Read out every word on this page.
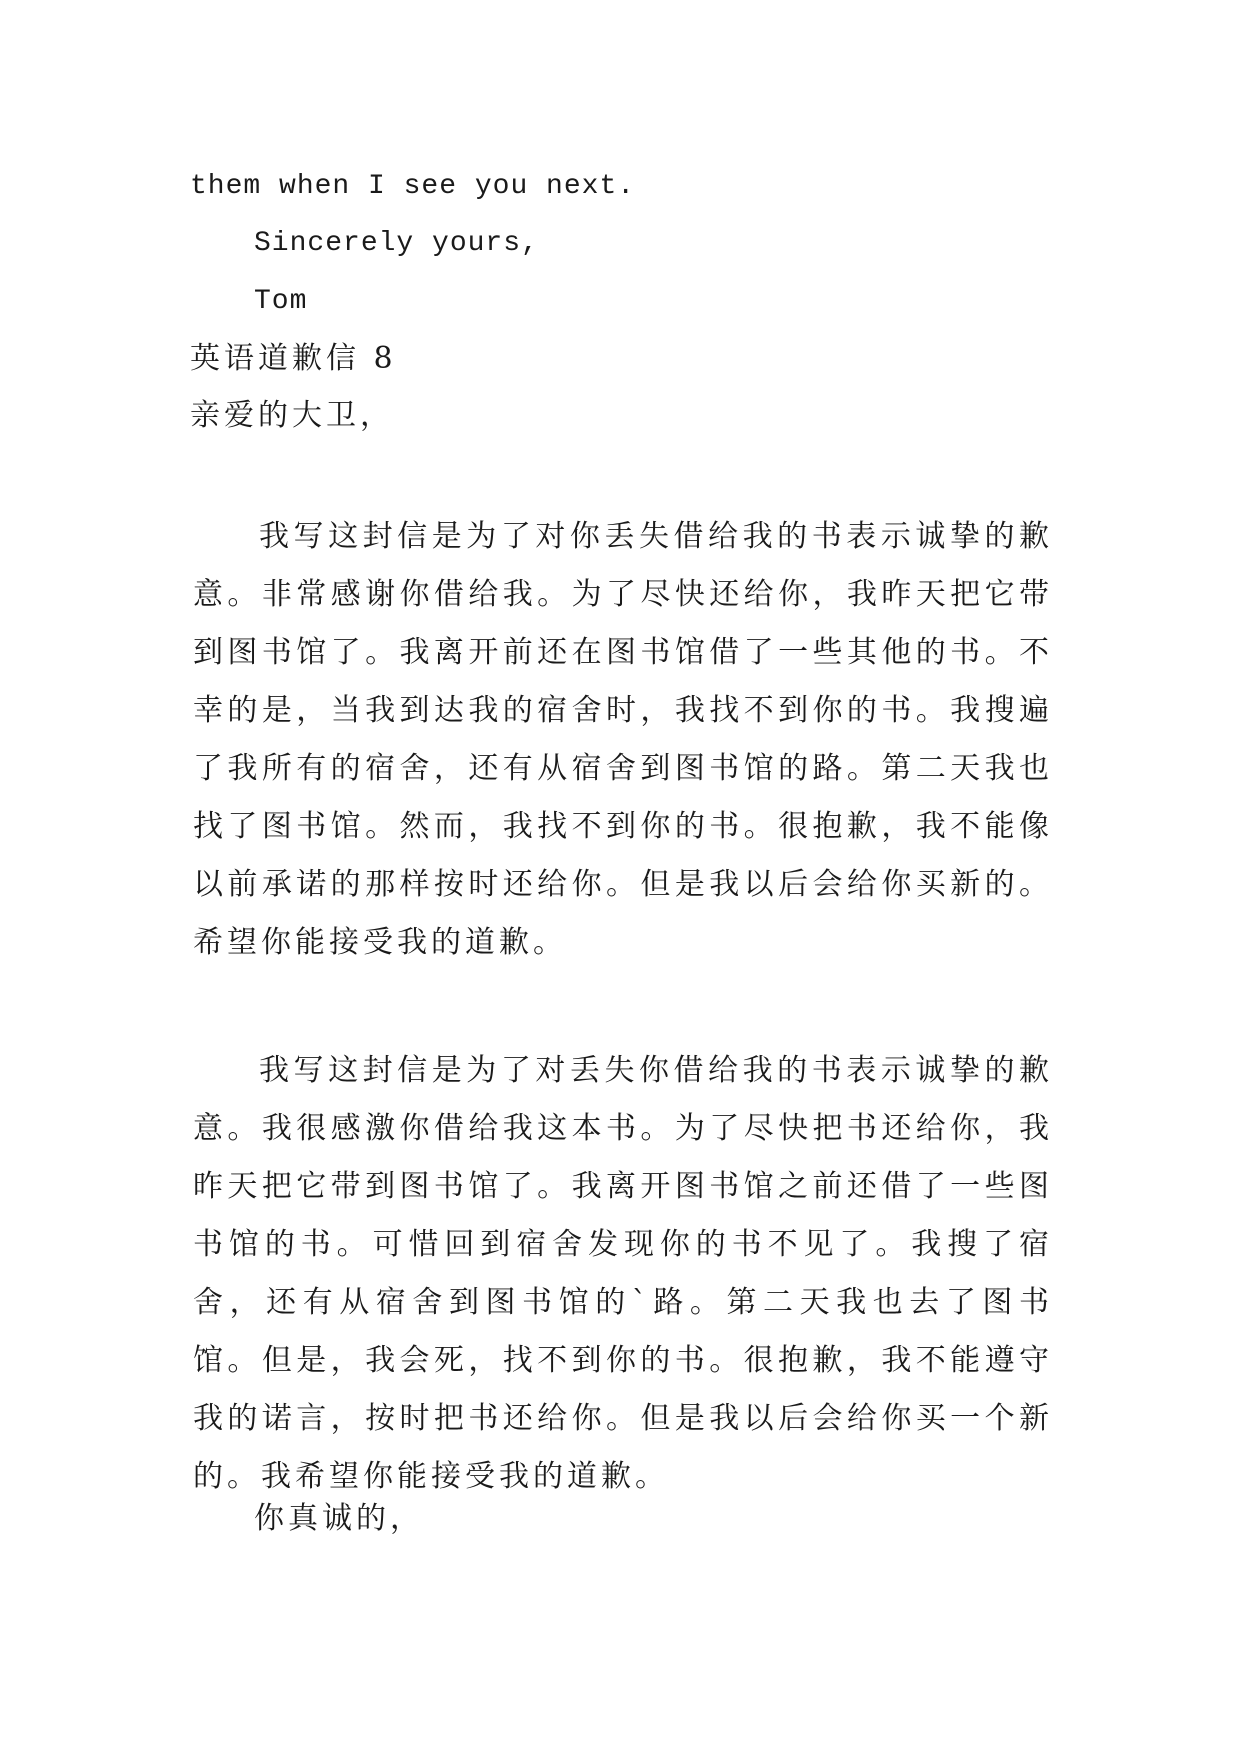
them when I see you next.
Sincerely yours,
Tom
英语道歉信 8
亲爱的大卫，
我写这封信是为了对你丢失借给我的书表示诚挚的歉意。非常感谢你借给我。为了尽快还给你，我昨天把它带到图书馆了。我离开前还在图书馆借了一些其他的书。不幸的是，当我到达我的宿舍时，我找不到你的书。我搜遍了我所有的宿舍，还有从宿舍到图书馆的路。第二天我也找了图书馆。然而，我找不到你的书。很抱歉，我不能像以前承诺的那样按时还给你。但是我以后会给你买新的。希望你能接受我的道歉。
我写这封信是为了对丢失你借给我的书表示诚挚的歉意。我很感激你借给我这本书。为了尽快把书还给你，我昨天把它带到图书馆了。我离开图书馆之前还借了一些图书馆的书。可惜回到宿舍发现你的书不见了。我搜了宿舍，还有从宿舍到图书馆的`路。第二天我也去了图书馆。但是，我会死，找不到你的书。很抱歉，我不能遵守我的诺言，按时把书还给你。但是我以后会给你买一个新的。我希望你能接受我的道歉。
你真诚的，
